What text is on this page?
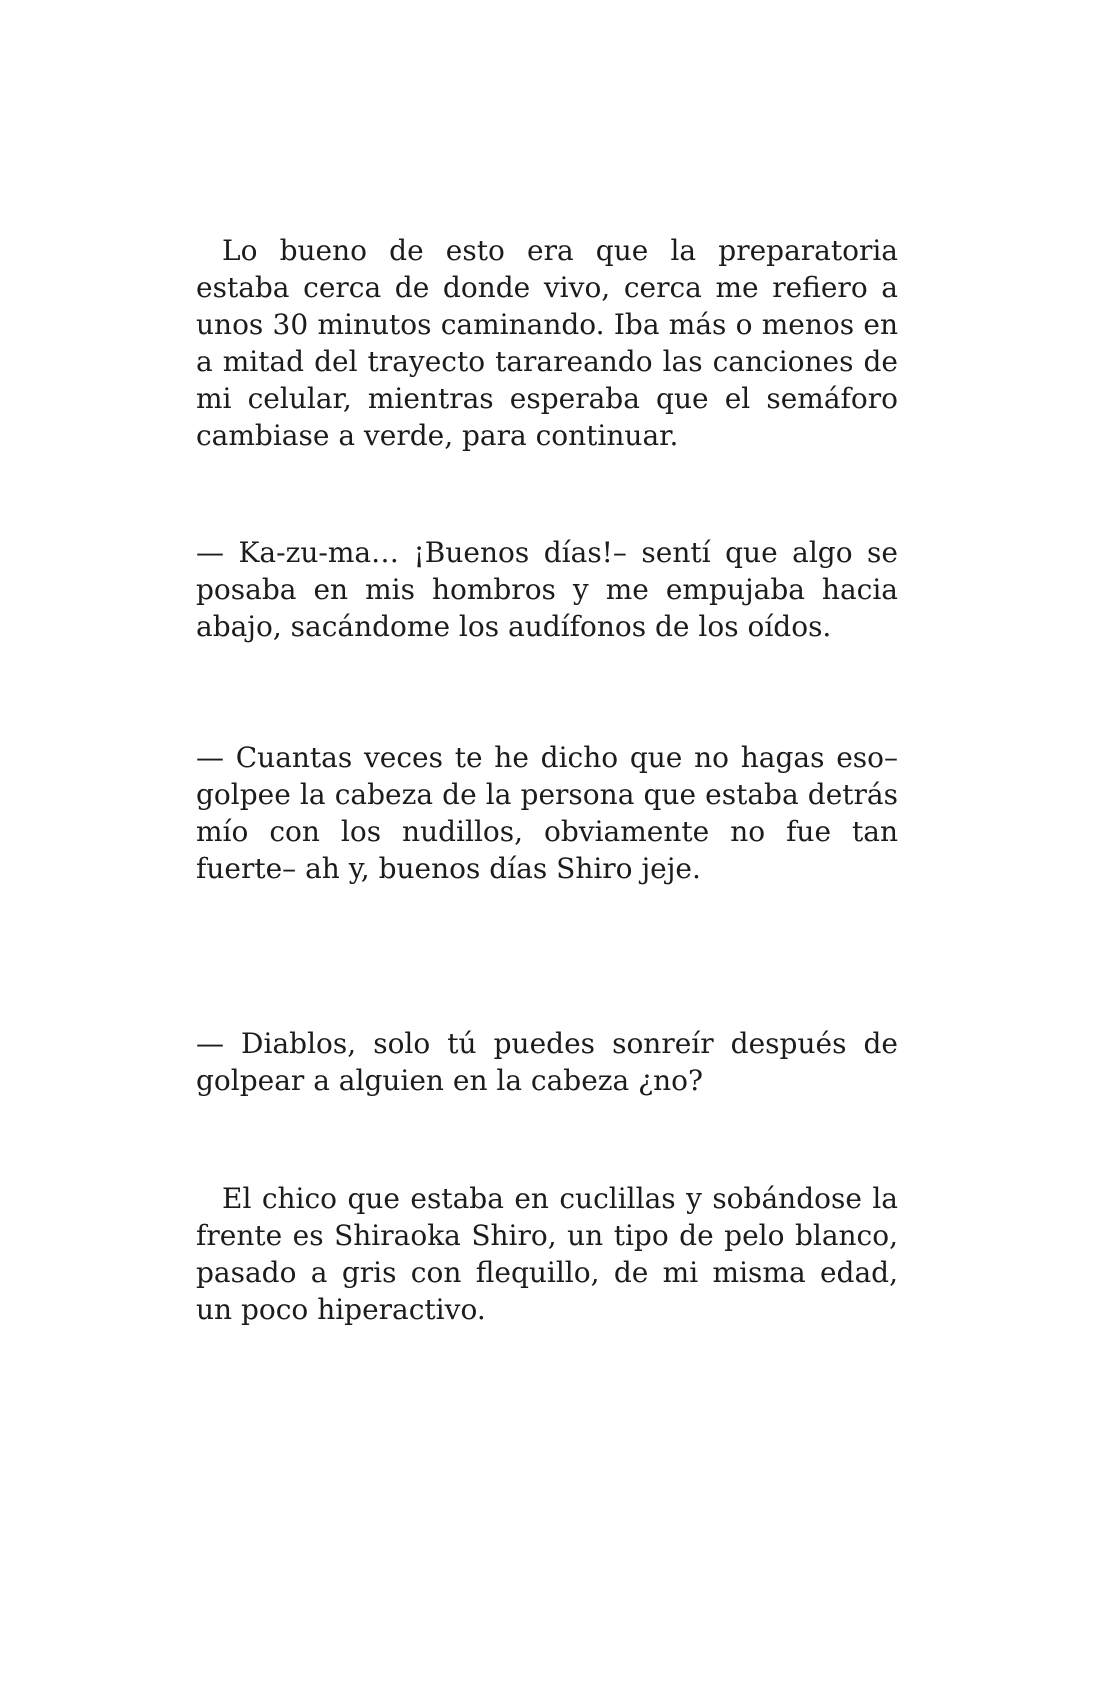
Lo bueno de esto era que la preparatoria estaba cerca de donde vivo, cerca me refiero a unos 30 minutos caminando. Iba más o menos en a mitad del trayecto tarareando las canciones de mi celular, mientras esperaba que el semáforo cambiase a verde, para continuar.

— Ka-zu-ma… ¡Buenos días!– sentí que algo se posaba en mis hombros y me empujaba hacia abajo, sacándome los audífonos de los oídos.

— Cuantas veces te he dicho que no hagas eso– golpee la cabeza de la persona que estaba detrás mío con los nudillos, obviamente no fue tan fuerte– ah y, buenos días Shiro jeje.

— Diablos, solo tú puedes sonreír después de golpear a alguien en la cabeza ¿no?

El chico que estaba en cuclillas y sobándose la frente es Shiraoka Shiro, un tipo de pelo blanco, pasado a gris con flequillo, de mi misma edad, un poco hiperactivo.
